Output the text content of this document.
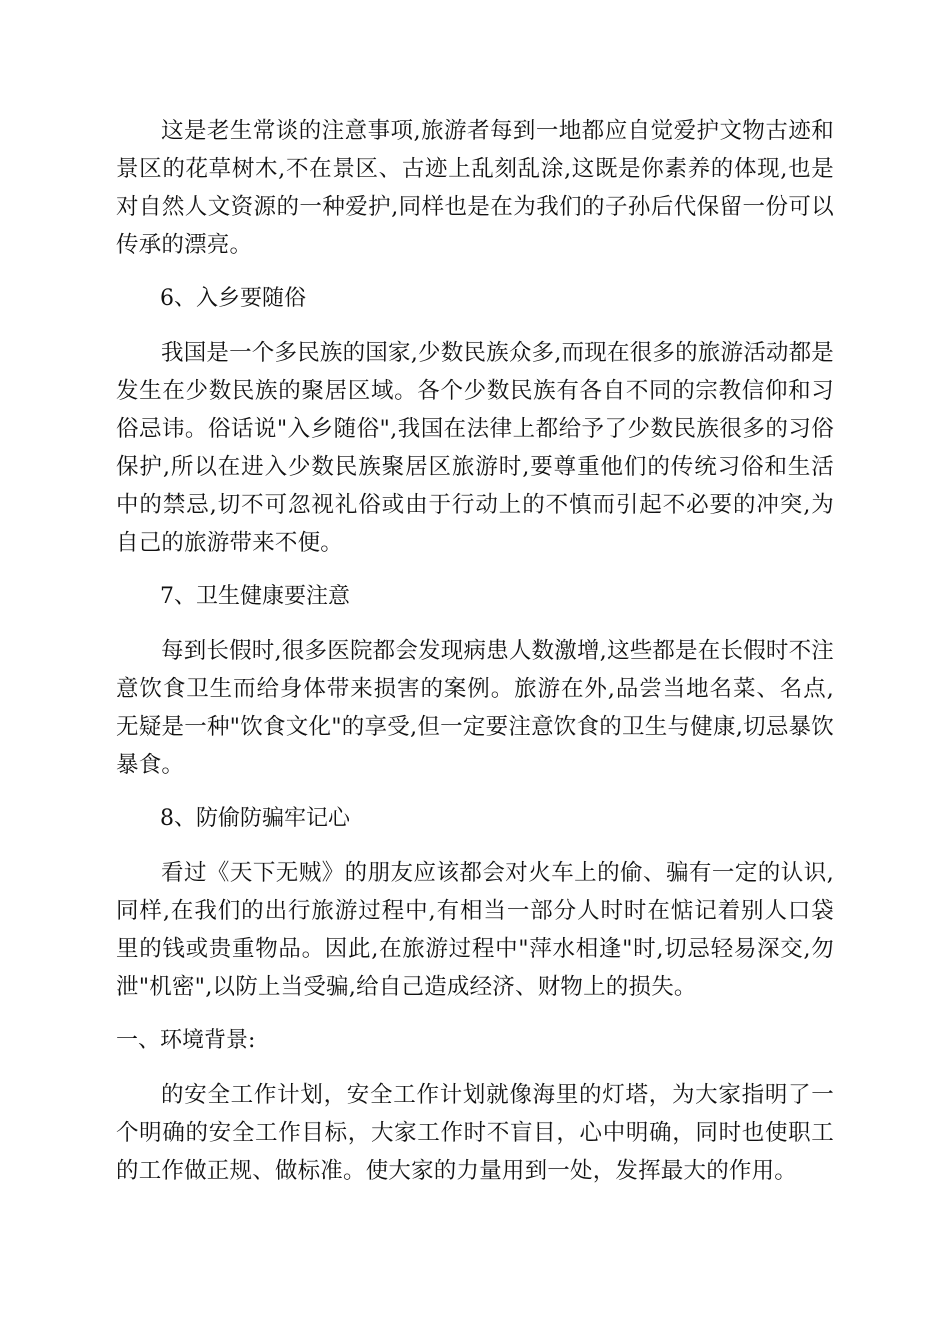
这是老生常谈的注意事项,旅游者每到一地都应自觉爱护文物古迹和景区的花草树木,不在景区、古迹上乱刻乱涂,这既是你素养的体现,也是对自然人文资源的一种爱护,同样也是在为我们的子孙后代保留一份可以传承的漂亮。

6、入乡要随俗

我国是一个多民族的国家,少数民族众多,而现在很多的旅游活动都是发生在少数民族的聚居区域。各个少数民族有各自不同的宗教信仰和习俗忌讳。俗话说"入乡随俗",我国在法律上都给予了少数民族很多的习俗保护,所以在进入少数民族聚居区旅游时,要尊重他们的传统习俗和生活中的禁忌,切不可忽视礼俗或由于行动上的不慎而引起不必要的冲突,为自己的旅游带来不便。

7、卫生健康要注意

每到长假时,很多医院都会发现病患人数激增,这些都是在长假时不注意饮食卫生而给身体带来损害的案例。旅游在外,品尝当地名菜、名点,无疑是一种"饮食文化"的享受,但一定要注意饮食的卫生与健康,切忌暴饮暴食。

8、防偷防骗牢记心

看过《天下无贼》的朋友应该都会对火车上的偷、骗有一定的认识,同样,在我们的出行旅游过程中,有相当一部分人时时在惦记着别人口袋里的钱或贵重物品。因此,在旅游过程中"萍水相逢"时,切忌轻易深交,勿泄"机密",以防上当受骗,给自己造成经济、财物上的损失。

一、环境背景:

的安全工作计划，安全工作计划就像海里的灯塔，为大家指明了一个明确的安全工作目标，大家工作时不盲目，心中明确，同时也使职工的工作做正规、做标准。使大家的力量用到一处，发挥最大的作用。
